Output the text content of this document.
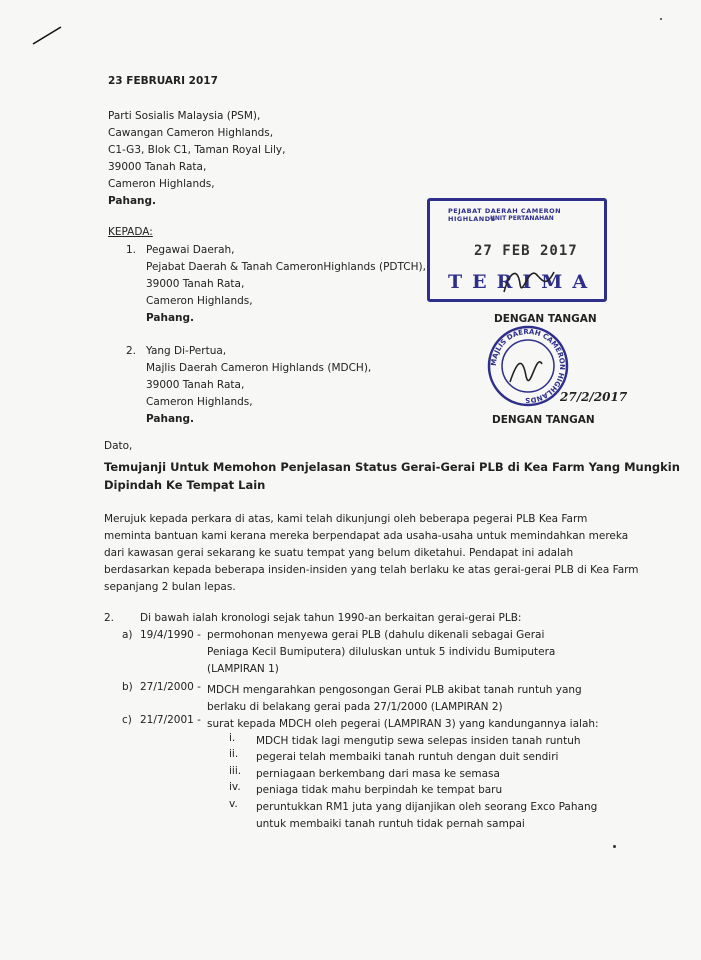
23 FEBRUARI 2017
Parti Sosialis Malaysia (PSM),
Cawangan Cameron Highlands,
C1-G3, Blok C1, Taman Royal Lily,
39000 Tanah Rata,
Cameron Highlands,
Pahang.
KEPADA:
1. Pegawai Daerah,
Pejabat Daerah & Tanah CameronHighlands (PDTCH),
39000 Tanah Rata,
Cameron Highlands,
Pahang.
2. Yang Di-Pertua,
Majlis Daerah Cameron Highlands (MDCH),
39000 Tanah Rata,
Cameron Highlands,
Pahang.
PEJABAT DAERAH CAMERON HIGHLANDS
UNIT PERTANAHAN
27 FEB 2017
TERIMA
DENGAN TANGAN
MAJLIS DAERAH CAMERON HIGHLANDS	27/2/2017
DENGAN TANGAN
Dato,
Temujanji Untuk Memohon Penjelasan Status Gerai-Gerai PLB di Kea Farm Yang Mungkin
Dipindah Ke Tempat Lain
Merujuk kepada perkara di atas, kami telah dikunjungi oleh beberapa pegerai PLB Kea Farm
meminta bantuan kami kerana mereka berpendapat ada usaha-usaha untuk memindahkan mereka
dari kawasan gerai sekarang ke suatu tempat yang belum diketahui. Pendapat ini adalah
berdasarkan kepada beberapa insiden-insiden yang telah berlaku ke atas gerai-gerai PLB di Kea Farm
sepanjang 2 bulan lepas.
2. Di bawah ialah kronologi sejak tahun 1990-an berkaitan gerai-gerai PLB:
a) 19/4/1990 - permohonan menyewa gerai PLB (dahulu dikenali sebagai Gerai
Peniaga Kecil Bumiputera) diluluskan untuk 5 individu Bumiputera
(LAMPIRAN 1)
b) 27/1/2000 - MDCH mengarahkan pengosongan Gerai PLB akibat tanah runtuh yang
berlaku di belakang gerai pada 27/1/2000 (LAMPIRAN 2)
c) 21/7/2001 - surat kepada MDCH oleh pegerai (LAMPIRAN 3) yang kandungannya ialah:
i. MDCH tidak lagi mengutip sewa selepas insiden tanah runtuh
ii. pegerai telah membaiki tanah runtuh dengan duit sendiri
iii. perniagaan berkembang dari masa ke semasa
iv. peniaga tidak mahu berpindah ke tempat baru
v. peruntukkan RM1 juta yang dijanjikan oleh seorang Exco Pahang
untuk membaiki tanah runtuh tidak pernah sampai
